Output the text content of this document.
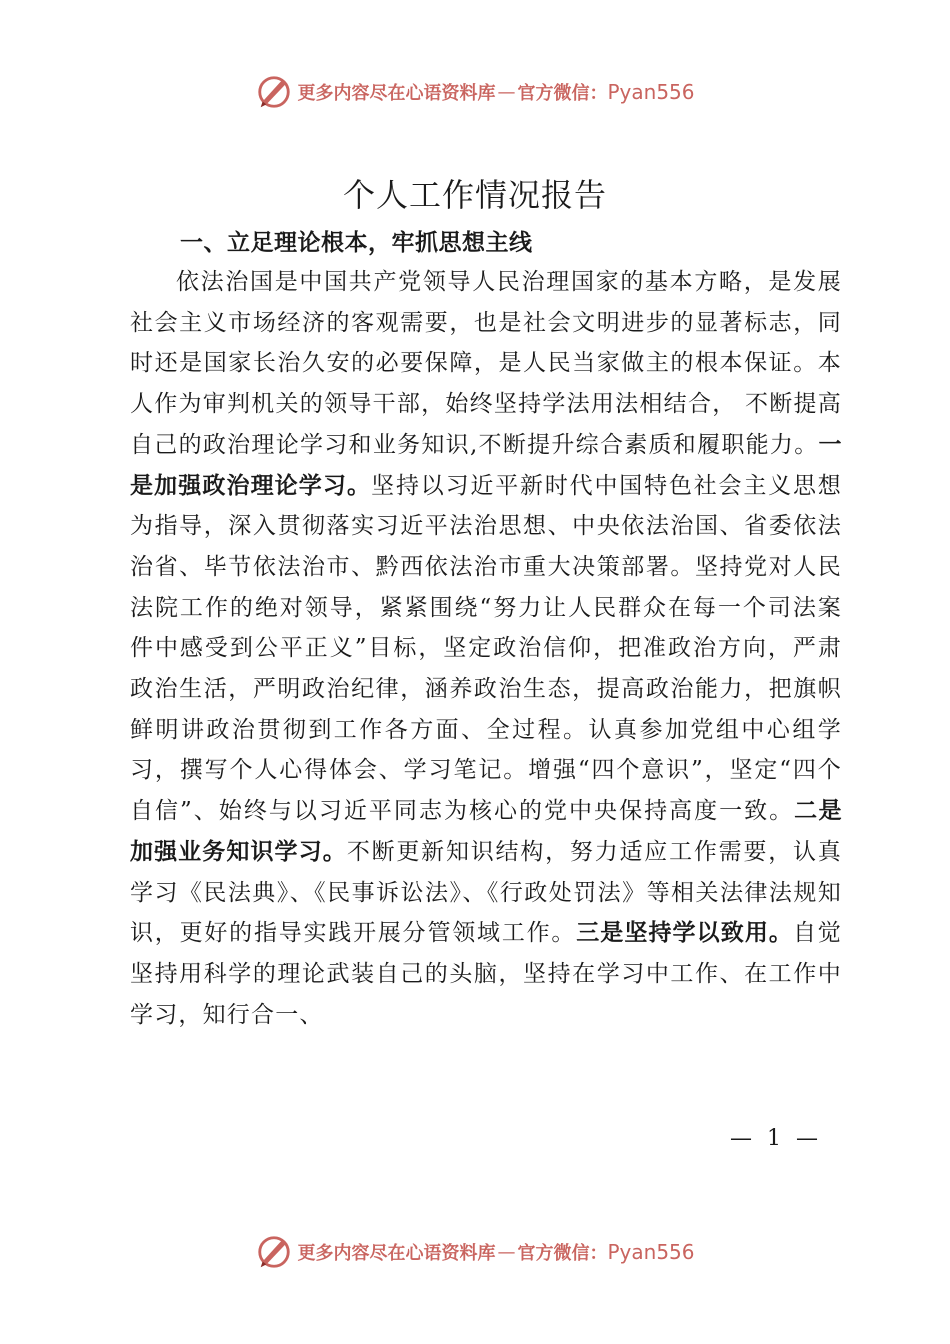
更多内容尽在心语资料库 — 官方微信： Pyan556
个人工作情况报告
一、立足理论根本，牢抓思想主线

依法治国是中国共产党领导人民治理国家的基本方略，是发展社会主义市场经济的客观需要，也是社会文明进步的显著标志，同时还是国家长治久安的必要保障，是人民当家做主的根本保证。本人作为审判机关的领导干部，始终坚持学法用法相结合， 不断提高自己的政治理论学习和业务知识,不断提升综合素质和履职能力。一是加强政治理论学习。坚持以习近平新时代中国特色社会主义思想为指导，深入贯彻落实习近平法治思想、中央依法治国、省委依法治省、毕节依法治市、黔西依法治市重大决策部署。坚持党对人民法院工作的绝对领导，紧紧围绕“努力让人民群众在每一个司法案件中感受到公平正义”目标，坚定政治信仰，把准政治方向，严肃政治生活，严明政治纪律，涵养政治生态，提高政治能力，把旗帜鲜明讲政治贯彻到工作各方面、全过程。认真参加党组中心组学习，撰写个人心得体会、学习笔记。增强“四个意识”，坚定“四个自信”、始终与以习近平同志为核心的党中央保持高度一致。二是加强业务知识学习。不断更新知识结构，努力适应工作需要，认真学习《民法典》、《民事诉讼法》、《行政处罚法》等相关法律法规知识，更好的指导实践开展分管领域工作。三是坚持学以致用。自觉坚持用科学的理论武装自己的头脑，坚持在学习中工作、在工作中学习，知行合一、

— 1 —
更多内容尽在心语资料库 — 官方微信： Pyan556
